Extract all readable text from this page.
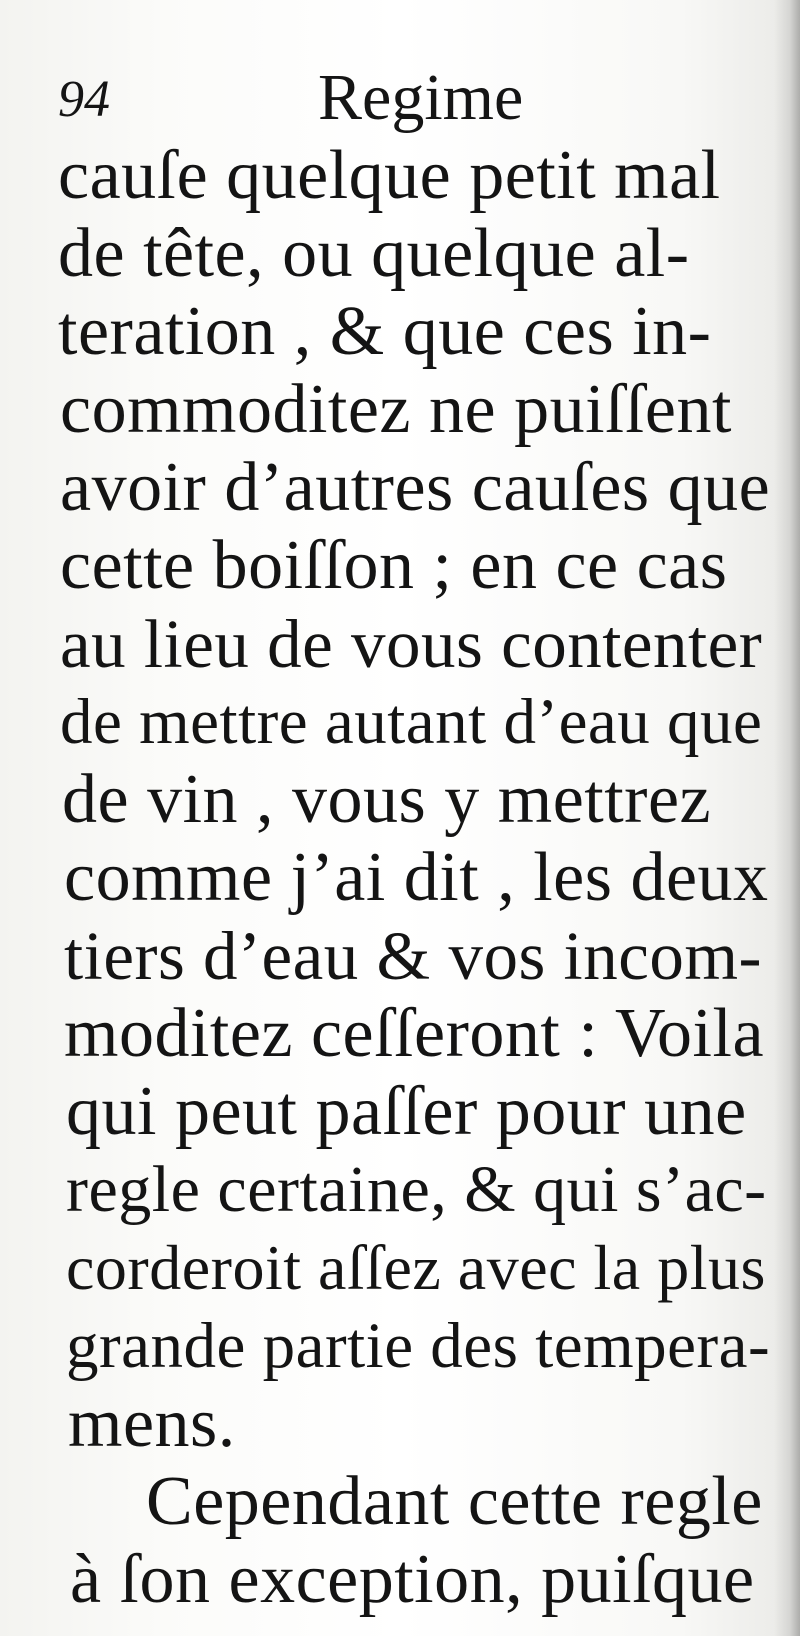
94	Regime
cauſe quelque petit mal
de tête, ou quelque al-
teration , & que ces in-
commoditez ne puiſſent
avoir d’autres cauſes que
cette boiſſon ; en ce cas
au lieu de vous contenter
de mettre autant d’eau que
de vin , vous y mettrez
comme j’ai dit , les deux
tiers d’eau & vos incom-
moditez ceſſeront : Voila
qui peut paſſer pour une
regle certaine, & qui s’ac-
corderoit aſſez avec la plus
grande partie des tempera-
mens.
Cependant cette regle
à ſon exception, puiſque
